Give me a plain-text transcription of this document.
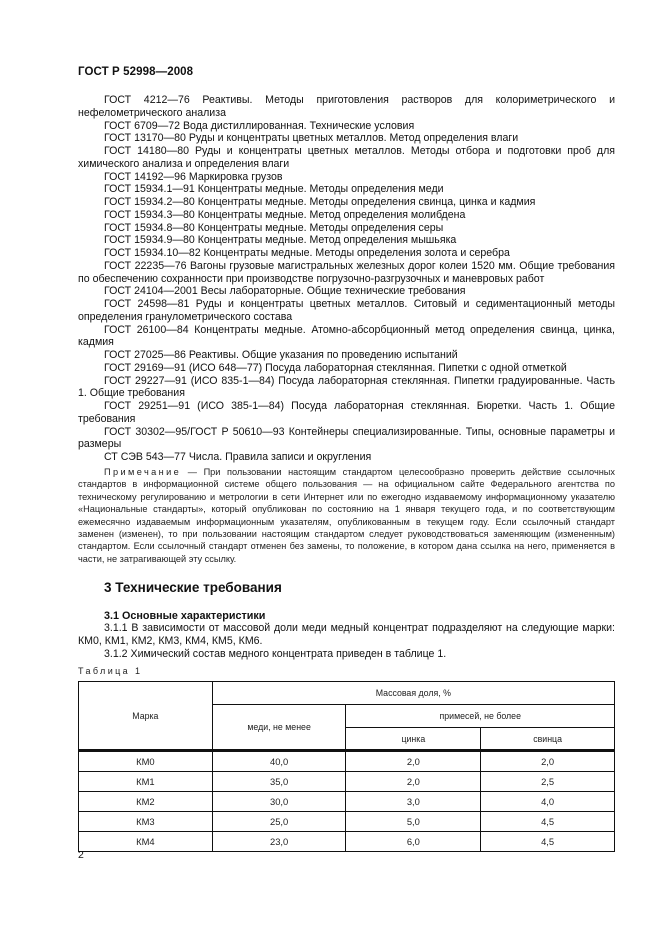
ГОСТ Р 52998—2008

ГОСТ 4212—76 Реактивы. Методы приготовления растворов для колориметрического и нефелометрического анализа

ГОСТ 6709—72 Вода дистиллированная. Технические условия

ГОСТ 13170—80 Руды и концентраты цветных металлов. Метод определения влаги

ГОСТ 14180—80 Руды и концентраты цветных металлов. Методы отбора и подготовки проб для химического анализа и определения влаги

ГОСТ 14192—96 Маркировка грузов

ГОСТ 15934.1—91 Концентраты медные. Методы определения меди

ГОСТ 15934.2—80 Концентраты медные. Методы определения свинца, цинка и кадмия

ГОСТ 15934.3—80 Концентраты медные. Метод определения молибдена

ГОСТ 15934.8—80 Концентраты медные. Методы определения серы

ГОСТ 15934.9—80 Концентраты медные. Метод определения мышьяка

ГОСТ 15934.10—82 Концентраты медные. Методы определения золота и серебра

ГОСТ 22235—76 Вагоны грузовые магистральных железных дорог колеи 1520 мм. Общие требования по обеспечению сохранности при производстве погрузочно-разгрузочных и маневровых работ

ГОСТ 24104—2001 Весы лабораторные. Общие технические требования

ГОСТ 24598—81 Руды и концентраты цветных металлов. Ситовый и седиментационный методы определения гранулометрического состава

ГОСТ 26100—84 Концентраты медные. Атомно-абсорбционный метод определения свинца, цинка, кадмия

ГОСТ 27025—86 Реактивы. Общие указания по проведению испытаний

ГОСТ 29169—91 (ИСО 648—77) Посуда лабораторная стеклянная. Пипетки с одной отметкой

ГОСТ 29227—91 (ИСО 835-1—84) Посуда лабораторная стеклянная. Пипетки градуированные. Часть 1. Общие требования

ГОСТ 29251—91 (ИСО 385-1—84) Посуда лабораторная стеклянная. Бюретки. Часть 1. Общие требования

ГОСТ 30302—95/ГОСТ Р 50610—93 Контейнеры специализированные. Типы, основные параметры и размеры

СТ СЭВ 543—77 Числа. Правила записи и округления

Примечание — При пользовании настоящим стандартом целесообразно проверить действие ссылочных стандартов в информационной системе общего пользования — на официальном сайте Федерального агентства по техническому регулированию и метрологии в сети Интернет или по ежегодно издаваемому информационному указателю «Национальные стандарты», который опубликован по состоянию на 1 января текущего года, и по соответствующим ежемесячно издаваемым информационным указателям, опубликованным в текущем году. Если ссылочный стандарт заменен (изменен), то при пользовании настоящим стандартом следует руководствоваться заменяющим (измененным) стандартом. Если ссылочный стандарт отменен без замены, то положение, в котором дана ссылка на него, применяется в части, не затрагивающей эту ссылку.

3 Технические требования
3.1 Основные характеристики

3.1.1 В зависимости от массовой доли меди медный концентрат подразделяют на следующие марки: КМ0, КМ1, КМ2, КМ3, КМ4, КМ5, КМ6.

3.1.2 Химический состав медного концентрата приведен в таблице 1.

Таблица 1
Марка	Массовая доля, %		
	меди, не менее	примесей, не более	
		цинка	свинца
КМ0	40,0	2,0	2,0
КМ1	35,0	2,0	2,5
КМ2	30,0	3,0	4,0
КМ3	25,0	5,0	4,5
КМ4	23,0	6,0	4,5
2
